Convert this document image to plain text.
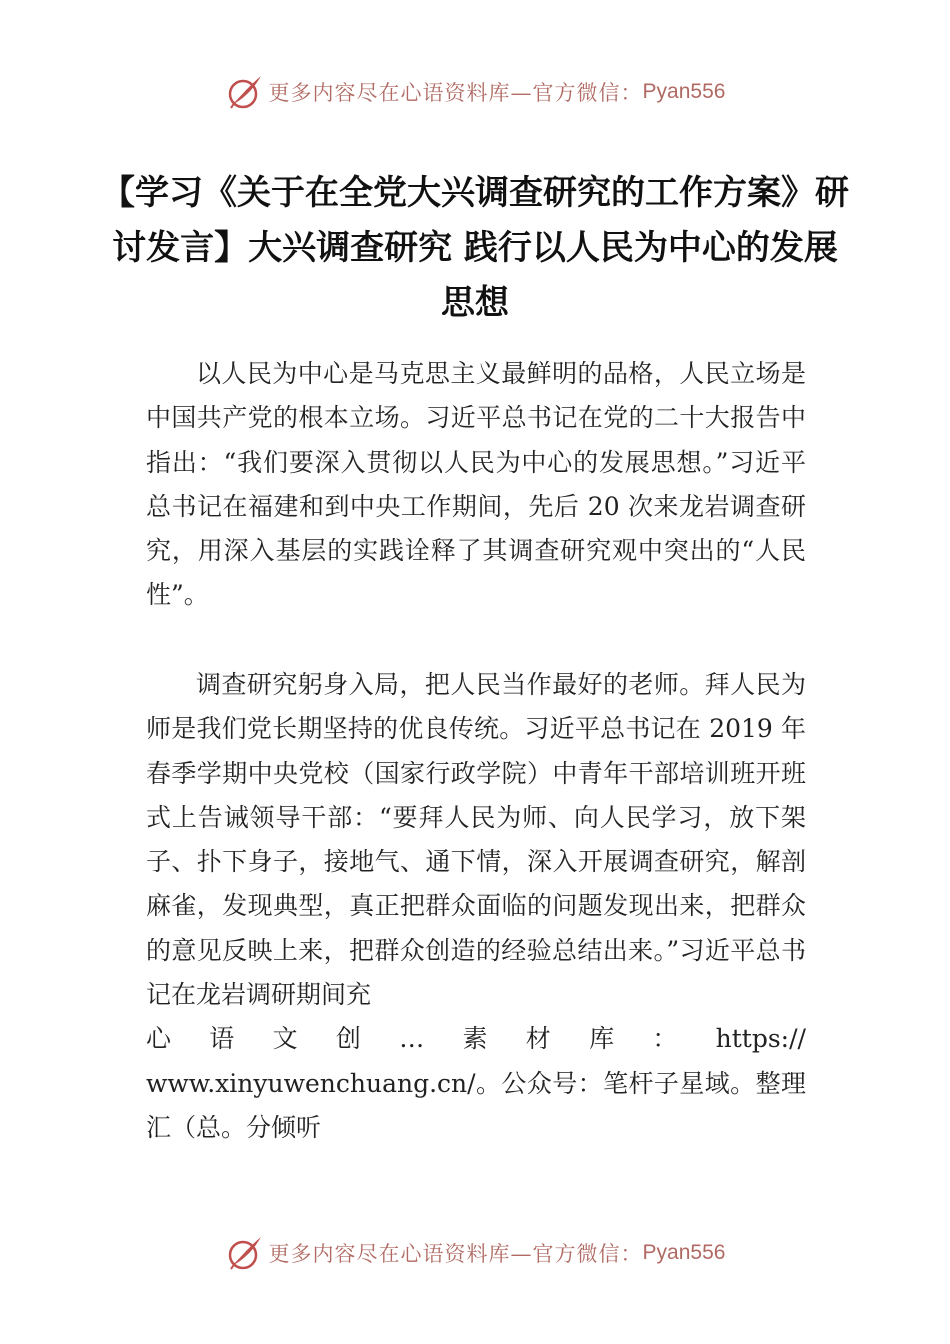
更多内容尽在心语资料库—官方微信： Pyan556
【学习《关于在全党大兴调查研究的工作方案》研讨发言】大兴调查研究 践行以人民为中心的发展思想

以人民为中心是马克思主义最鲜明的品格，人民立场是中国共产党的根本立场。习近平总书记在党的二十大报告中指出：“我们要深入贯彻以人民为中心的发展思想。”习近平总书记在福建和到中央工作期间，先后 20 次来龙岩调查研究，用深入基层的实践诠释了其调查研究观中突出的“人民性”。

调查研究躬身入局，把人民当作最好的老师。拜人民为师是我们党长期坚持的优良传统。习近平总书记在 2019 年春季学期中央党校（国家行政学院）中青年干部培训班开班式上告诫领导干部：“要拜人民为师、向人民学习，放下架子、扑下身子，接地气、通下情，深入开展调查研究，解剖麻雀，发现典型，真正把群众面临的问题发现出来，把群众的意见反映上来，把群众创造的经验总结出来。”习近平总书记在龙岩调研期间充
心 语 文 创 … 素 材 库 ： https://
www.xinyuwenchuang.cn/。公众号：笔杆子星域。整理汇（总。分倾听
更多内容尽在心语资料库—官方微信： Pyan556
